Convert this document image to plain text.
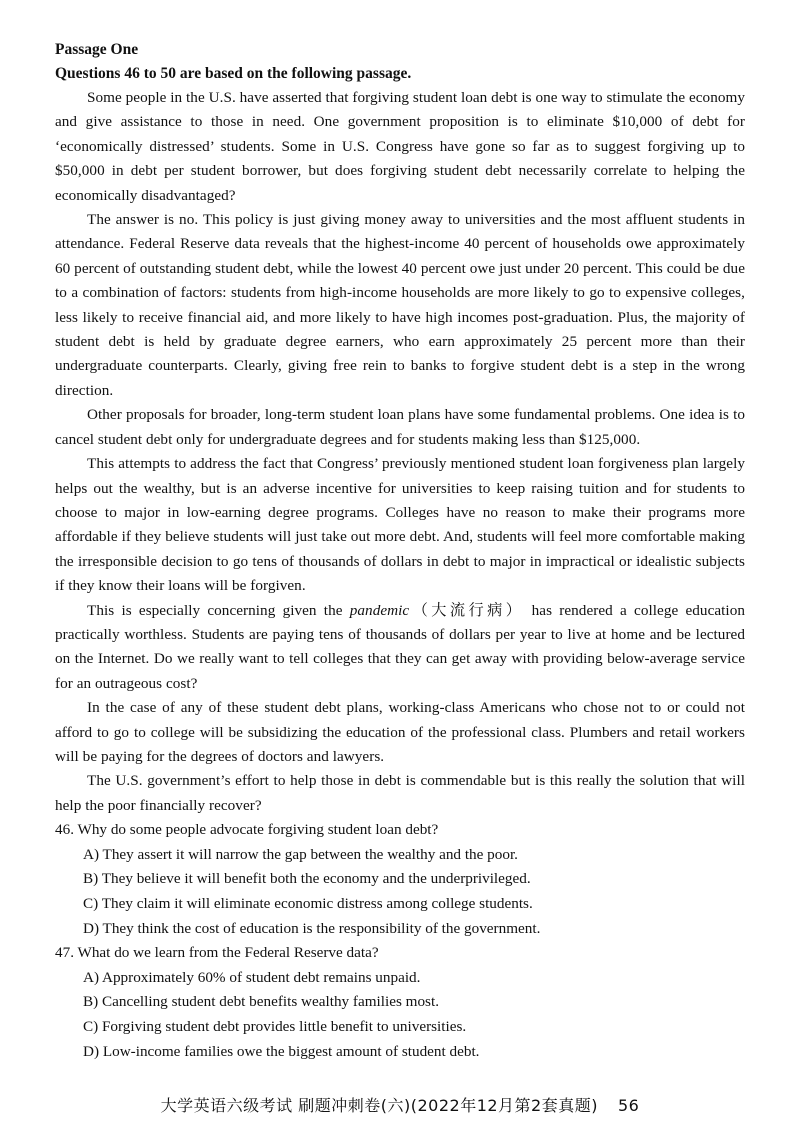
Passage One

Questions 46 to 50 are based on the following passage.

Some people in the U.S. have asserted that forgiving student loan debt is one way to stimulate the economy and give assistance to those in need. One government proposition is to eliminate $10,000 of debt for ‘economically distressed’ students. Some in U.S. Congress have gone so far as to suggest forgiving up to $50,000 in debt per student borrower, but does forgiving student debt necessarily correlate to helping the economically disadvantaged?

The answer is no. This policy is just giving money away to universities and the most affluent students in attendance. Federal Reserve data reveals that the highest-income 40 percent of households owe approximately 60 percent of outstanding student debt, while the lowest 40 percent owe just under 20 percent. This could be due to a combination of factors: students from high-income households are more likely to go to expensive colleges, less likely to receive financial aid, and more likely to have high incomes post-graduation. Plus, the majority of student debt is held by graduate degree earners, who earn approximately 25 percent more than their undergraduate counterparts. Clearly, giving free rein to banks to forgive student debt is a step in the wrong direction.

Other proposals for broader, long-term student loan plans have some fundamental problems. One idea is to cancel student debt only for undergraduate degrees and for students making less than $125,000.

This attempts to address the fact that Congress’ previously mentioned student loan forgiveness plan largely helps out the wealthy, but is an adverse incentive for universities to keep raising tuition and for students to choose to major in low-earning degree programs. Colleges have no reason to make their programs more affordable if they believe students will just take out more debt. And, students will feel more comfortable making the irresponsible decision to go tens of thousands of dollars in debt to major in impractical or idealistic subjects if they know their loans will be forgiven.

This is especially concerning given the pandemic（大流行病） has rendered a college education practically worthless. Students are paying tens of thousands of dollars per year to live at home and be lectured on the Internet. Do we really want to tell colleges that they can get away with providing below-average service for an outrageous cost?

In the case of any of these student debt plans, working-class Americans who chose not to or could not afford to go to college will be subsidizing the education of the professional class. Plumbers and retail workers will be paying for the degrees of doctors and lawyers.

The U.S. government’s effort to help those in debt is commendable but is this really the solution that will help the poor financially recover?

46. Why do some people advocate forgiving student loan debt?

A) They assert it will narrow the gap between the wealthy and the poor.

B) They believe it will benefit both the economy and the underprivileged.

C) They claim it will eliminate economic distress among college students.

D) They think the cost of education is the responsibility of the government.

47. What do we learn from the Federal Reserve data?

A) Approximately 60% of student debt remains unpaid.

B) Cancelling student debt benefits wealthy families most.

C) Forgiving student debt provides little benefit to universities.

D) Low-income families owe the biggest amount of student debt.

大学英语六级考试 刷题冲刺卷(六)(2022年12月第2套真题) 56
